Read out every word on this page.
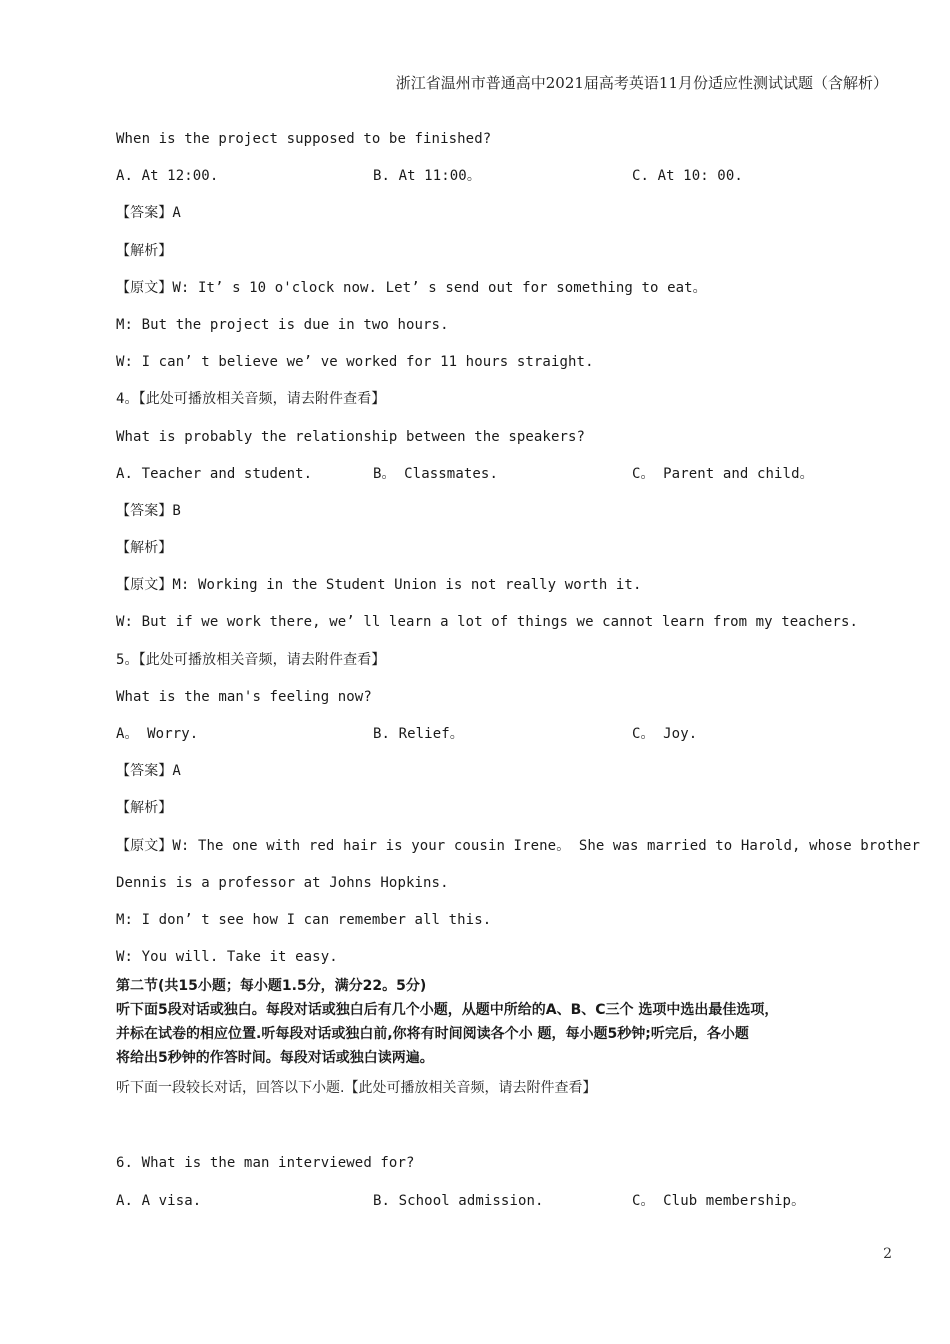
浙江省温州市普通高中2021届高考英语11月份适应性测试试题（含解析）
When is the project supposed to be finished?
A. At 12:00.	B. At 11:00。	C. At 10: 00.
【答案】A
【解析】
【原文】W: It’ s 10 o'clock now. Let’ s send out for something to eat。
M: But the project is due in two hours.
W: I can’ t believe we’ ve worked for 11 hours straight.
4。【此处可播放相关音频，请去附件查看】
What is probably the relationship between the speakers?
A. Teacher and student.	B。 Classmates.	C。 Parent and child。
【答案】B
【解析】
【原文】M: Working in the Student Union is not really worth it.
W: But if we work there, we’ ll learn a lot of things we cannot learn from my teachers.
5。【此处可播放相关音频，请去附件查看】
What is the man's feeling now?
A。 Worry.	B. Relief。	C。 Joy.
【答案】A
【解析】
【原文】W: The one with red hair is your cousin Irene。 She was married to Harold, whose brother
Dennis is a professor at Johns Hopkins.
M: I don’ t see how I can remember all this.
W: You will. Take it easy.
第二节(共15小题；每小题1.5分，满分22。5分)
听下面5段对话或独白。每段对话或独白后有几个小题，从题中所给的A、B、C三个 选项中选出最佳选项，
并标在试卷的相应位置.听每段对话或独白前,你将有时间阅读各个小 题，每小题5秒钟;听完后，各小题
将给出5秒钟的作答时间。每段对话或独白读两遍。
听下面一段较长对话，回答以下小题.【此处可播放相关音频，请去附件查看】
6. What is the man interviewed for?
A. A visa.	B. School admission.	C。 Club membership。
2
